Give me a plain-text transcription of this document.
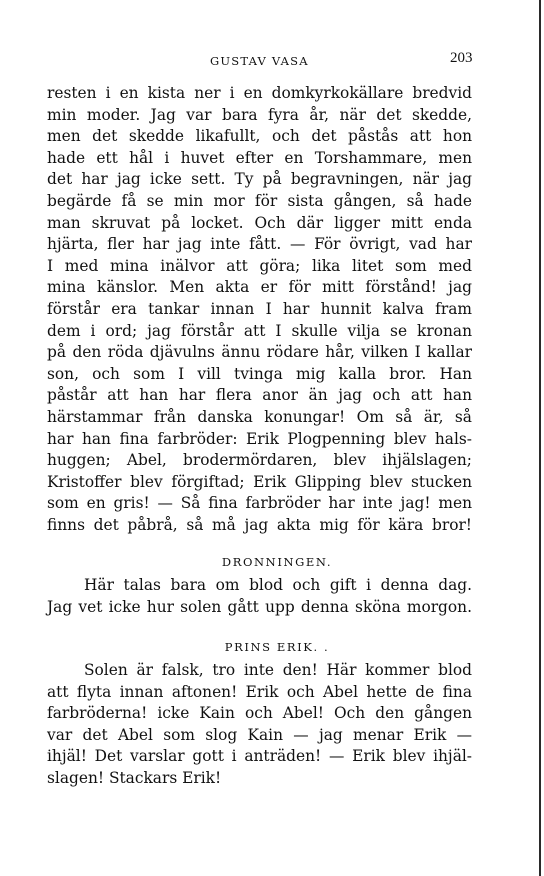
GUSTAV VASA	203
resten i en kista ner i en domkyrkokällare bredvid
min moder. Jag var bara fyra år, när det skedde,
men det skedde likafullt, och det påstås att hon
hade ett hål i huvet efter en Torshammare, men
det har jag icke sett. Ty på begravningen, när jag
begärde få se min mor för sista gången, så hade
man skruvat på locket. Och där ligger mitt enda
hjärta, fler har jag inte fått. — För övrigt, vad har
I med mina inälvor att göra; lika litet som med
mina känslor. Men akta er för mitt förstånd! jag
förstår era tankar innan I har hunnit kalva fram
dem i ord; jag förstår att I skulle vilja se kronan
på den röda djävulns ännu rödare hår, vilken I kallar
son, och som I vill tvinga mig kalla bror. Han
påstår att han har flera anor än jag och att han
härstammar från danska konungar! Om så är, så
har han fina farbröder: Erik Plogpenning blev hals-
huggen; Abel, brodermördaren, blev ihjälslagen;
Kristoffer blev förgiftad; Erik Glipping blev stucken
som en gris! — Så fina farbröder har inte jag! men
finns det påbrå, så må jag akta mig för kära bror!
DRONNINGEN.
Här talas bara om blod och gift i denna dag.
Jag vet icke hur solen gått upp denna sköna morgon.
PRINS ERIK. .
Solen är falsk, tro inte den! Här kommer blod
att flyta innan aftonen! Erik och Abel hette de fina
farbröderna! icke Kain och Abel! Och den gången
var det Abel som slog Kain — jag menar Erik —
ihjäl! Det varslar gott i anträden! — Erik blev ihjäl-
slagen! Stackars Erik!
